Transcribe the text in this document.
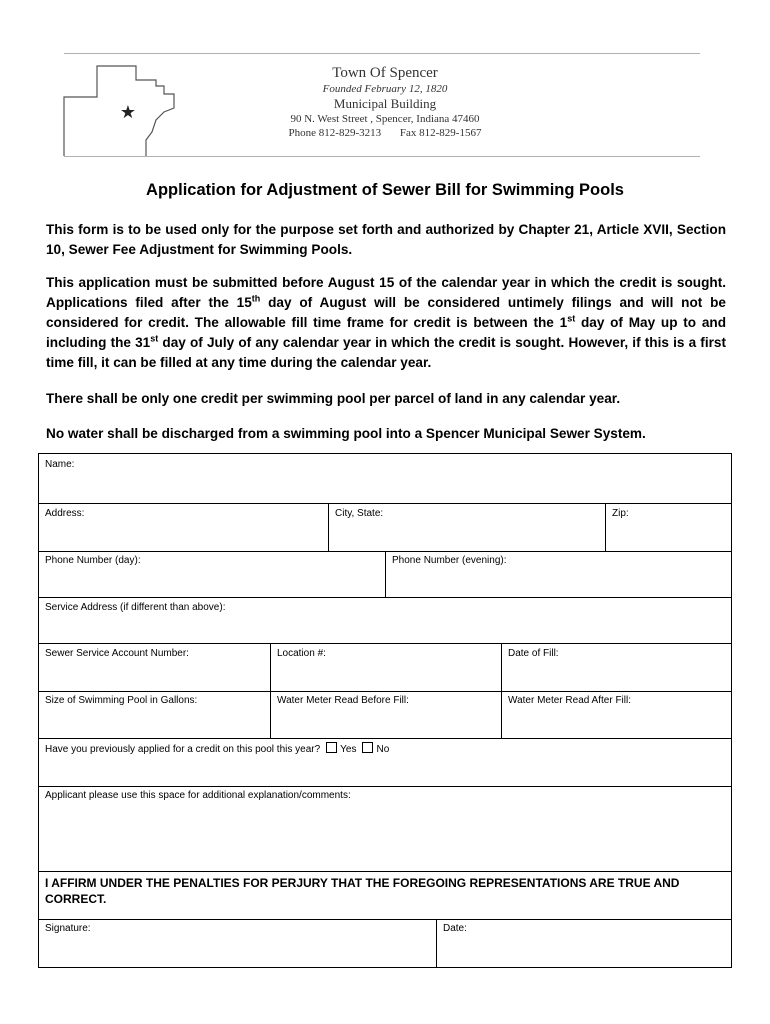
★
Town Of Spencer
Founded February 12, 1820
Municipal Building
90 N. West Street , Spencer, Indiana 47460
Phone 812-829-3213 Fax 812-829-1567
Application for Adjustment of Sewer Bill for Swimming Pools
This form is to be used only for the purpose set forth and authorized by Chapter 21, Article XVII, Section 10, Sewer Fee Adjustment for Swimming Pools.
This application must be submitted before August 15 of the calendar year in which the credit is sought. Applications filed after the 15th day of August will be considered untimely filings and will not be considered for credit. The allowable fill time frame for credit is between the 1st day of May up to and including the 31st day of July of any calendar year in which the credit is sought. However, if this is a first time fill, it can be filled at any time during the calendar year.
There shall be only one credit per swimming pool per parcel of land in any calendar year.
No water shall be discharged from a swimming pool into a Spencer Municipal Sewer System.
Name:
Address:	City, State:	Zip:
Phone Number (day):	Phone Number (evening):
Service Address (if different than above):
Sewer Service Account Number:	Location #:	Date of Fill:
Size of Swimming Pool in Gallons:	Water Meter Read Before Fill:	Water Meter Read After Fill:
Have you previously applied for a credit on this pool this year? Yes No
Applicant please use this space for additional explanation/comments:
I AFFIRM UNDER THE PENALTIES FOR PERJURY THAT THE FOREGOING REPRESENTATIONS ARE TRUE AND CORRECT.
Signature:	Date:
